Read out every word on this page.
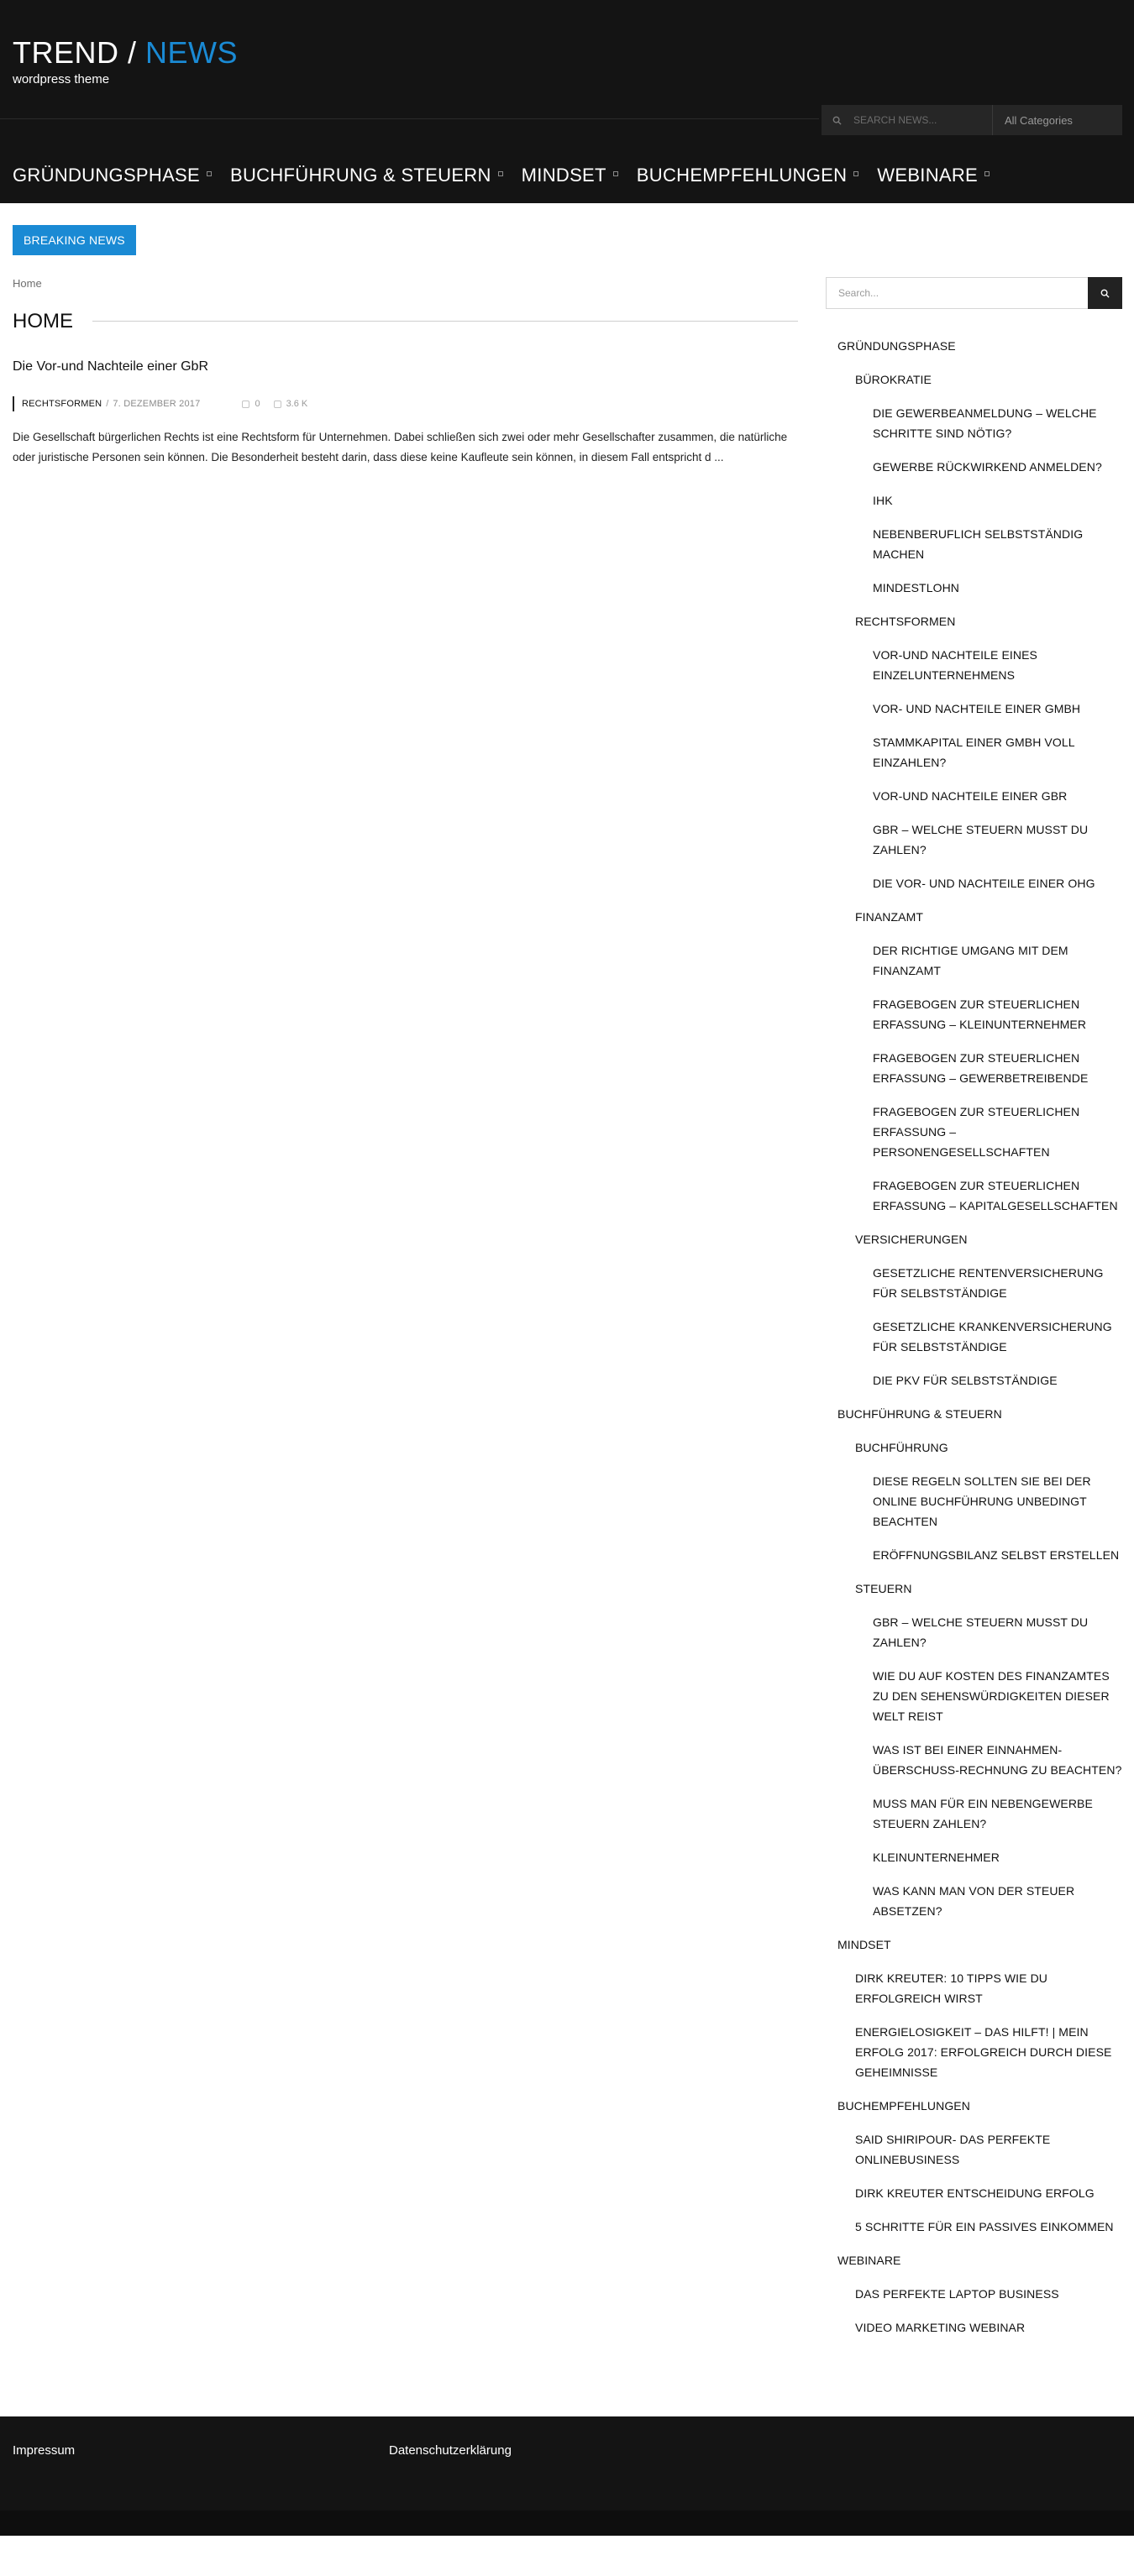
TREND / NEWS
wordpress theme
SEARCH NEWS...	All Categories
GRÜNDUNGSPHASE BUCHFÜHRUNG & STEUERN MINDSET BUCHEMPFEHLUNGEN WEBINARE
BREAKING NEWS
Home
HOME
Die Vor-und Nachteile einer GbR
RECHTSFORMEN / 7. DEZEMBER 2017	0	3.6 K
Die Gesellschaft bürgerlichen Rechts ist eine Rechtsform für Unternehmen. Dabei schließen sich zwei oder mehr Gesellschafter zusammen, die natürliche oder juristische Personen sein können. Die Besonderheit besteht darin, dass diese keine Kaufleute sein können, in diesem Fall entspricht d ...
Search...
GRÜNDUNGSPHASE
BÜROKRATIE
DIE GEWERBEANMELDUNG – WELCHE SCHRITTE SIND NÖTIG?
GEWERBE RÜCKWIRKEND ANMELDEN?
IHK
NEBENBERUFLICH SELBSTSTÄNDIG MACHEN
MINDESTLOHN
RECHTSFORMEN
VOR-UND NACHTEILE EINES EINZELUNTERNEHMENS
VOR- UND NACHTEILE EINER GMBH
STAMMKAPITAL EINER GMBH VOLL EINZAHLEN?
VOR-UND NACHTEILE EINER GBR
GBR – WELCHE STEUERN MUSST DU ZAHLEN?
DIE VOR- UND NACHTEILE EINER OHG
FINANZAMT
DER RICHTIGE UMGANG MIT DEM FINANZAMT
FRAGEBOGEN ZUR STEUERLICHEN ERFASSUNG – KLEINUNTERNEHMER
FRAGEBOGEN ZUR STEUERLICHEN ERFASSUNG – GEWERBETREIBENDE
FRAGEBOGEN ZUR STEUERLICHEN ERFASSUNG – PERSONENGESELLSCHAFTEN
FRAGEBOGEN ZUR STEUERLICHEN ERFASSUNG – KAPITALGESELLSCHAFTEN
VERSICHERUNGEN
GESETZLICHE RENTENVERSICHERUNG FÜR SELBSTSTÄNDIGE
GESETZLICHE KRANKENVERSICHERUNG FÜR SELBSTSTÄNDIGE
DIE PKV FÜR SELBSTSTÄNDIGE
BUCHFÜHRUNG & STEUERN
BUCHFÜHRUNG
DIESE REGELN SOLLTEN SIE BEI DER ONLINE BUCHFÜHRUNG UNBEDINGT BEACHTEN
ERÖFFNUNGSBILANZ SELBST ERSTELLEN
STEUERN
GBR – WELCHE STEUERN MUSST DU ZAHLEN?
WIE DU AUF KOSTEN DES FINANZAMTES ZU DEN SEHENSWÜRDIGKEITEN DIESER WELT REIST
WAS IST BEI EINER EINNAHMEN-ÜBERSCHUSS-RECHNUNG ZU BEACHTEN?
MUSS MAN FÜR EIN NEBENGEWERBE STEUERN ZAHLEN?
KLEINUNTERNEHMER
WAS KANN MAN VON DER STEUER ABSETZEN?
MINDSET
DIRK KREUTER: 10 TIPPS WIE DU ERFOLGREICH WIRST
ENERGIELOSIGKEIT – DAS HILFT! | MEIN ERFOLG 2017: ERFOLGREICH DURCH DIESE GEHEIMNISSE
BUCHEMPFEHLUNGEN
SAID SHIRIPOUR- DAS PERFEKTE ONLINEBUSINESS
DIRK KREUTER ENTSCHEIDUNG ERFOLG
5 SCHRITTE FÜR EIN PASSIVES EINKOMMEN
WEBINARE
DAS PERFEKTE LAPTOP BUSINESS
VIDEO MARKETING WEBINAR
Impressum	Datenschutzerklärung
